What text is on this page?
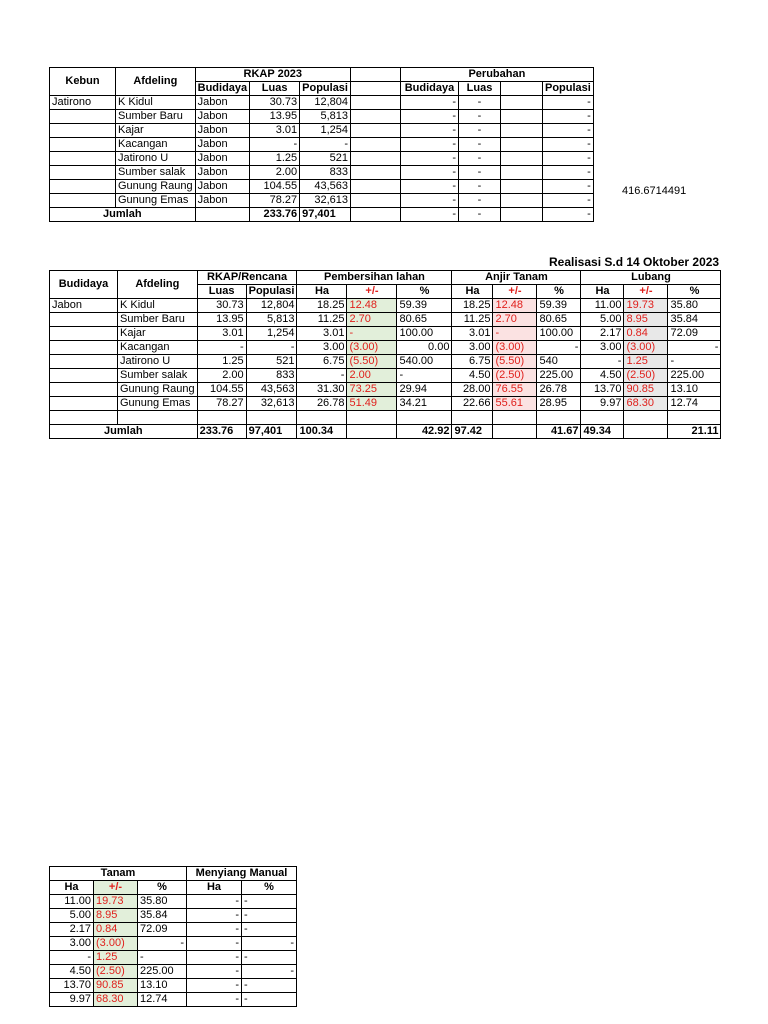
416.6714491
Kebun	Afdeling	RKAP 2023				Perubahan			
		Budidaya	Luas	Populasi		Budidaya	Luas		Populasi
Jatirono	K Kidul	Jabon	30.73	12,804		-	-		-
	Sumber Baru	Jabon	13.95	5,813		-	-		-
	Kajar	Jabon	3.01	1,254		-	-		-
	Kacangan	Jabon	-	-		-	-		-
	Jatirono U	Jabon	1.25	521		-	-		-
	Sumber salak	Jabon	2.00	833		-	-		-
	Gunung Raung	Jabon	104.55	43,563		-	-		-
	Gunung Emas	Jabon	78.27	32,613		-	-		-
Jumlah			233.76	97,401		-	-		-
Realisasi S.d 14 Oktober 2023
Budidaya	Afdeling	RKAP/Rencana		Pembersihan lahan			Anjir Tanam			Lubang		
		Luas	Populasi	Ha	+/-	%	Ha	+/-	%	Ha	+/-	%
Jabon	K Kidul	30.73	12,804	18.25	12.48	59.39	18.25	12.48	59.39	11.00	19.73	35.80
	Sumber Baru	13.95	5,813	11.25	2.70	80.65	11.25	2.70	80.65	5.00	8.95	35.84
	Kajar	3.01	1,254	3.01	-	100.00	3.01	-	100.00	2.17	0.84	72.09
	Kacangan	-	-	3.00	(3.00)	0.00	3.00	(3.00)	-	3.00	(3.00)	-
	Jatirono U	1.25	521	6.75	(5.50)	540.00	6.75	(5.50)	540	-	1.25	-
	Sumber salak	2.00	833	-	2.00	-	4.50	(2.50)	225.00	4.50	(2.50)	225.00
	Gunung Raung	104.55	43,563	31.30	73.25	29.94	28.00	76.55	26.78	13.70	90.85	13.10
	Gunung Emas	78.27	32,613	26.78	51.49	34.21	22.66	55.61	28.95	9.97	68.30	12.74

Jumlah		233.76	97,401	100.34		42.92	97.42		41.67	49.34		21.11
Tanam			Menyiang Manual	
Ha	+/-	%	Ha	%
11.00	19.73	35.80	-	-
5.00	8.95	35.84	-	-
2.17	0.84	72.09	-	-
3.00	(3.00)	-	-	-
-	1.25	-	-	-
4.50	(2.50)	225.00	-	-
13.70	90.85	13.10	-	-
9.97	68.30	12.74	-	-
